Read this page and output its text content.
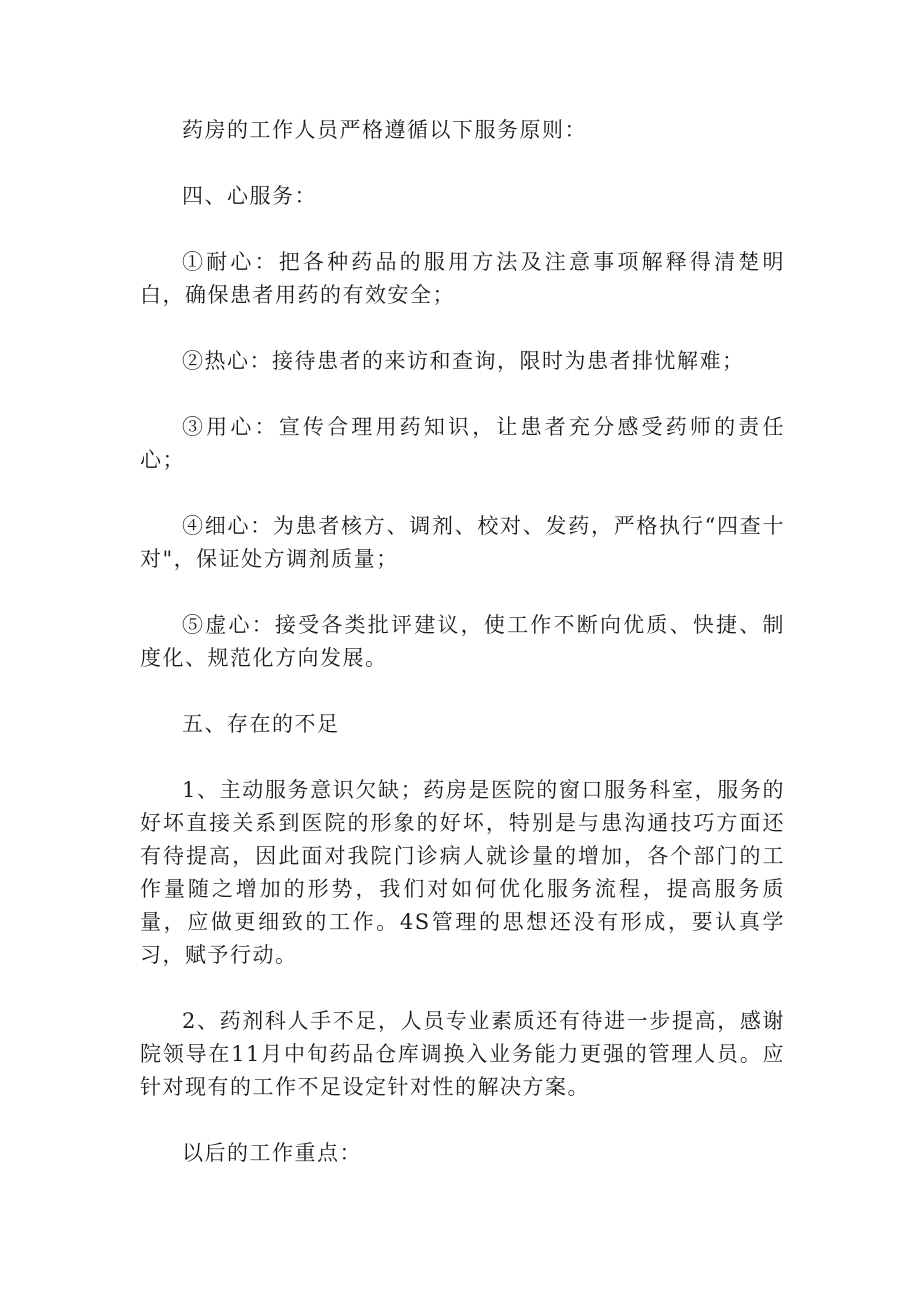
药房的工作人员严格遵循以下服务原则：

四、心服务：

①耐心：把各种药品的服用方法及注意事项解释得清楚明白，确保患者用药的有效安全；

②热心：接待患者的来访和查询，限时为患者排忧解难；

③用心：宣传合理用药知识，让患者充分感受药师的责任心；

④细心：为患者核方、调剂、校对、发药，严格执行“四查十对"，保证处方调剂质量；

⑤虚心：接受各类批评建议，使工作不断向优质、快捷、制度化、规范化方向发展。

五、存在的不足

1、主动服务意识欠缺；药房是医院的窗口服务科室，服务的好坏直接关系到医院的形象的好坏，特别是与患沟通技巧方面还有待提高，因此面对我院门诊病人就诊量的增加，各个部门的工作量随之增加的形势，我们对如何优化服务流程，提高服务质量，应做更细致的工作。4S管理的思想还没有形成，要认真学习，赋予行动。

2、药剂科人手不足，人员专业素质还有待进一步提高，感谢院领导在11月中旬药品仓库调换入业务能力更强的管理人员。应针对现有的工作不足设定针对性的解决方案。

以后的工作重点：
